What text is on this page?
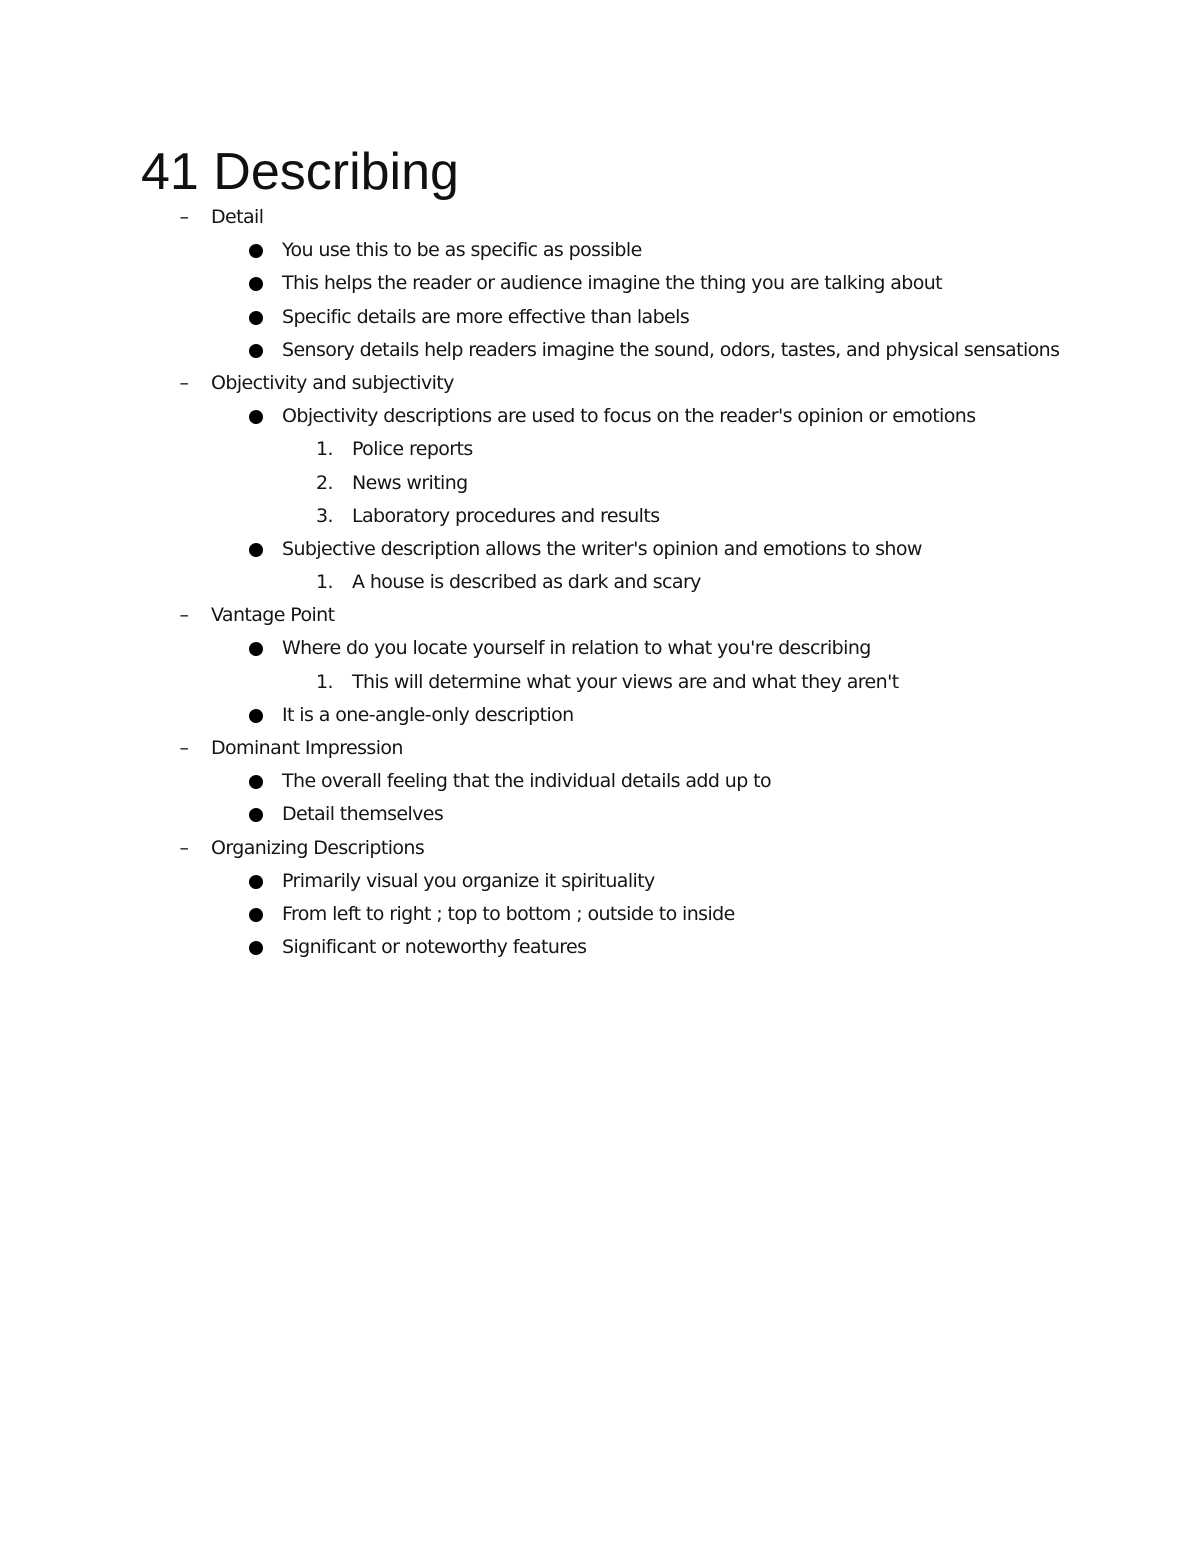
41 Describing
– Detail
You use this to be as specific as possible
This helps the reader or audience imagine the thing you are talking about
Specific details are more effective than labels
Sensory details help readers imagine the sound, odors, tastes, and physical sensations
– Objectivity and subjectivity
Objectivity descriptions are used to focus on the reader's opinion or emotions
1.	Police reports
2.	News writing
3.	Laboratory procedures and results
Subjective description allows the writer's opinion and emotions to show
1.	A house is described as dark and scary
– Vantage Point
Where do you locate yourself in relation to what you're describing
1.	This will determine what your views are and what they aren't
It is a one-angle-only description
– Dominant Impression
The overall feeling that the individual details add up to
Detail themselves
– Organizing Descriptions
Primarily visual you organize it spirituality
From left to right ; top to bottom ; outside to inside
Significant or noteworthy features
